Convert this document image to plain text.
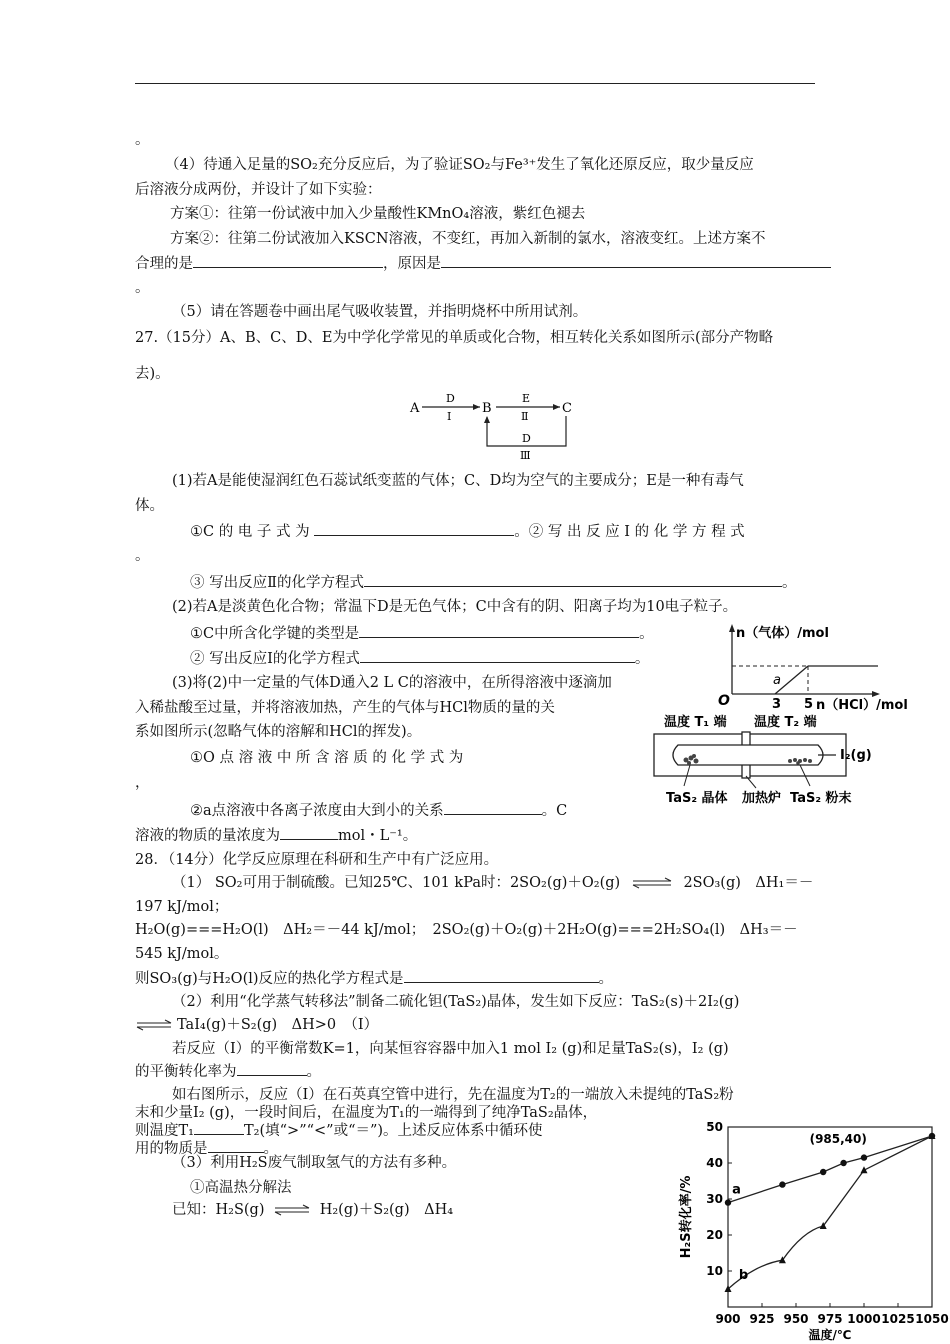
。
（4）待通入足量的SO₂充分反应后，为了验证SO₂与Fe³⁺发生了氧化还原反应，取少量反应
后溶液分成两份，并设计了如下实验：
方案①：往第一份试液中加入少量酸性KMnO₄溶液，紫红色褪去
方案②：往第二份试液加入KSCN溶液，不变红，再加入新制的氯水，溶液变红。上述方案不
合理的是	，原因是
。
（5）请在答题卷中画出尾气吸收装置，并指明烧杯中所用试剂。
27.（15分）A、B、C、D、E为中学化学常见的单质或化合物，相互转化关系如图所示(部分产物略
去)。
A	B	C
D
Ⅰ
E
Ⅱ
D
Ⅲ
(1)若A是能使湿润红色石蕊试纸变蓝的气体；C、D均为空气的主要成分；E是一种有毒气
体。
①C 的 电 子 式 为	。② 写 出 反 应 I 的 化 学 方 程 式
。
③ 写出反应Ⅱ的化学方程式	。
(2)若A是淡黄色化合物；常温下D是无色气体；C中含有的阴、阳离子均为10电子粒子。
①C中所含化学键的类型是	。
② 写出反应Ⅰ的化学方程式	。
(3)将(2)中一定量的气体D通入2 L C的溶液中，在所得溶液中逐滴加
入稀盐酸至过量，并将溶液加热，产生的气体与HCl物质的量的关
系如图所示(忽略气体的溶解和HCl的挥发)。
①O 点 溶 液 中 所 含 溶 质 的 化 学 式 为
，
②a点溶液中各离子浓度由大到小的关系	。C
溶液的物质的量浓度为	mol・L⁻¹。
n（气体）/mol
n（HCl）/mol
O
a
3 5
温度 T₁ 端 温度 T₂ 端
I₂(g)
TaS₂ 晶体 加热炉 TaS₂ 粉末
28．（14分）化学反应原理在科研和生产中有广泛应用。
（1） SO₂可用于制硫酸。已知25℃、101 kPa时：2SO₂(g)＋O₂(g) ⇌ 2SO₃(g)　ΔH₁＝－
197 kJ/mol；
H₂O(g)===H₂O(l)　ΔH₂＝－44 kJ/mol；　2SO₂(g)＋O₂(g)＋2H₂O(g)===2H₂SO₄(l)　ΔH₃＝－
545 kJ/mol。
则SO₃(g)与H₂O(l)反应的热化学方程式是	。
（2）利用“化学蒸气转移法”制备二硫化钽(TaS₂)晶体，发生如下反应：TaS₂(s)＋2I₂(g)
⇌ TaI₄(g)＋S₂(g)　ΔH>0　（Ⅰ）
若反应（Ⅰ）的平衡常数K=1，向某恒容容器中加入1 mol I₂ (g)和足量TaS₂(s)，I₂ (g)
的平衡转化率为	。
如右图所示，反应（Ⅰ）在石英真空管中进行，先在温度为T₂的一端放入未提纯的TaS₂粉
末和少量I₂ (g)，一段时间后，在温度为T₁的一端得到了纯净TaS₂晶体，
则温度T₁	T₂(填“>”“<”或“＝”)。上述反应体系中循环使
用的物质是	。
（3）利用H₂S废气制取氢气的方法有多种。
①高温热分解法
已知：H₂S(g) ⇌ H₂(g)＋S₂(g)　ΔH₄
900 925 950 975 1000 1025 1050
10
20
30
40
50
温度/℃
H₂S转化率/%	a
b
(985,40)
